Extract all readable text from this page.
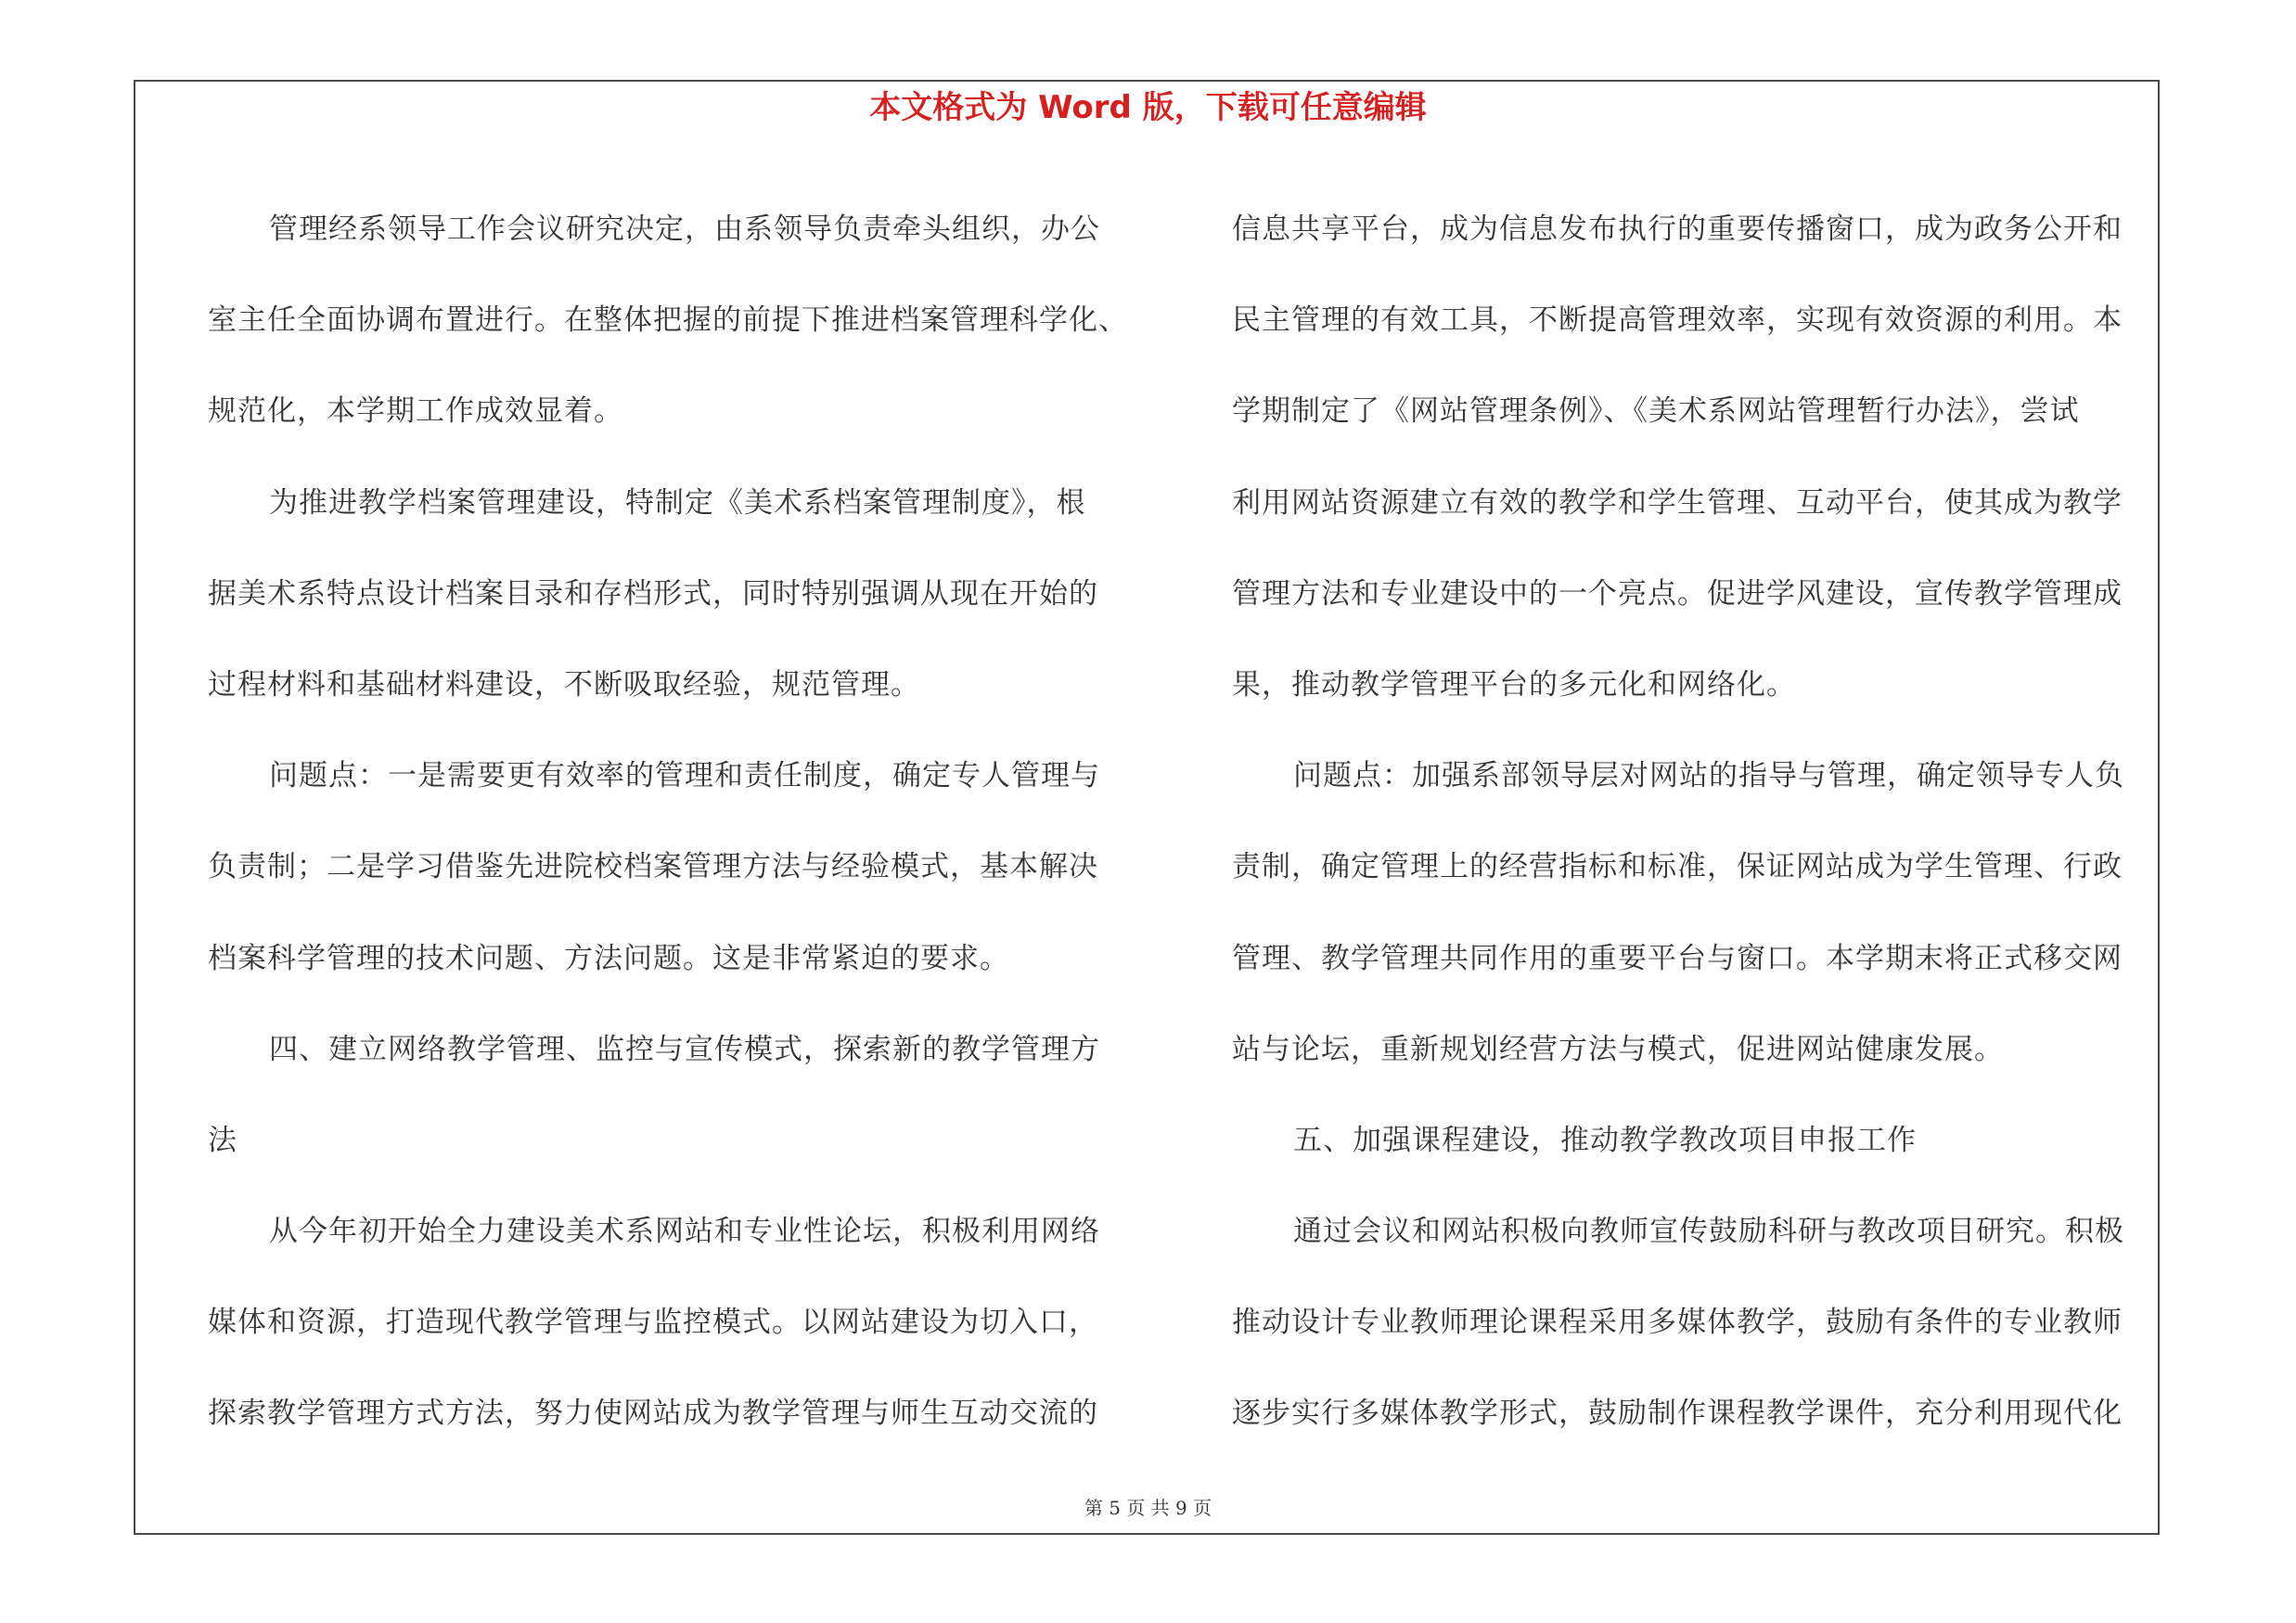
本文格式为 Word 版，下载可任意编辑
管理经系领导工作会议研究决定，由系领导负责牵头组织，办公
室主任全面协调布置进行。在整体把握的前提下推进档案管理科学化、
规范化，本学期工作成效显着。
为推进教学档案管理建设，特制定《美术系档案管理制度》，根
据美术系特点设计档案目录和存档形式，同时特别强调从现在开始的
过程材料和基础材料建设，不断吸取经验，规范管理。
问题点：一是需要更有效率的管理和责任制度，确定专人管理与
负责制；二是学习借鉴先进院校档案管理方法与经验模式，基本解决
档案科学管理的技术问题、方法问题。这是非常紧迫的要求。
四、建立网络教学管理、监控与宣传模式，探索新的教学管理方
法
从今年初开始全力建设美术系网站和专业性论坛，积极利用网络
媒体和资源，打造现代教学管理与监控模式。以网站建设为切入口，
探索教学管理方式方法，努力使网站成为教学管理与师生互动交流的
信息共享平台，成为信息发布执行的重要传播窗口，成为政务公开和
民主管理的有效工具，不断提高管理效率，实现有效资源的利用。本
学期制定了《网站管理条例》、《美术系网站管理暂行办法》，尝试
利用网站资源建立有效的教学和学生管理、互动平台，使其成为教学
管理方法和专业建设中的一个亮点。促进学风建设，宣传教学管理成
果，推动教学管理平台的多元化和网络化。
问题点：加强系部领导层对网站的指导与管理，确定领导专人负
责制，确定管理上的经营指标和标准，保证网站成为学生管理、行政
管理、教学管理共同作用的重要平台与窗口。本学期末将正式移交网
站与论坛，重新规划经营方法与模式，促进网站健康发展。
五、加强课程建设，推动教学教改项目申报工作
通过会议和网站积极向教师宣传鼓励科研与教改项目研究。积极
推动设计专业教师理论课程采用多媒体教学，鼓励有条件的专业教师
逐步实行多媒体教学形式，鼓励制作课程教学课件，充分利用现代化
第 5 页 共 9 页
